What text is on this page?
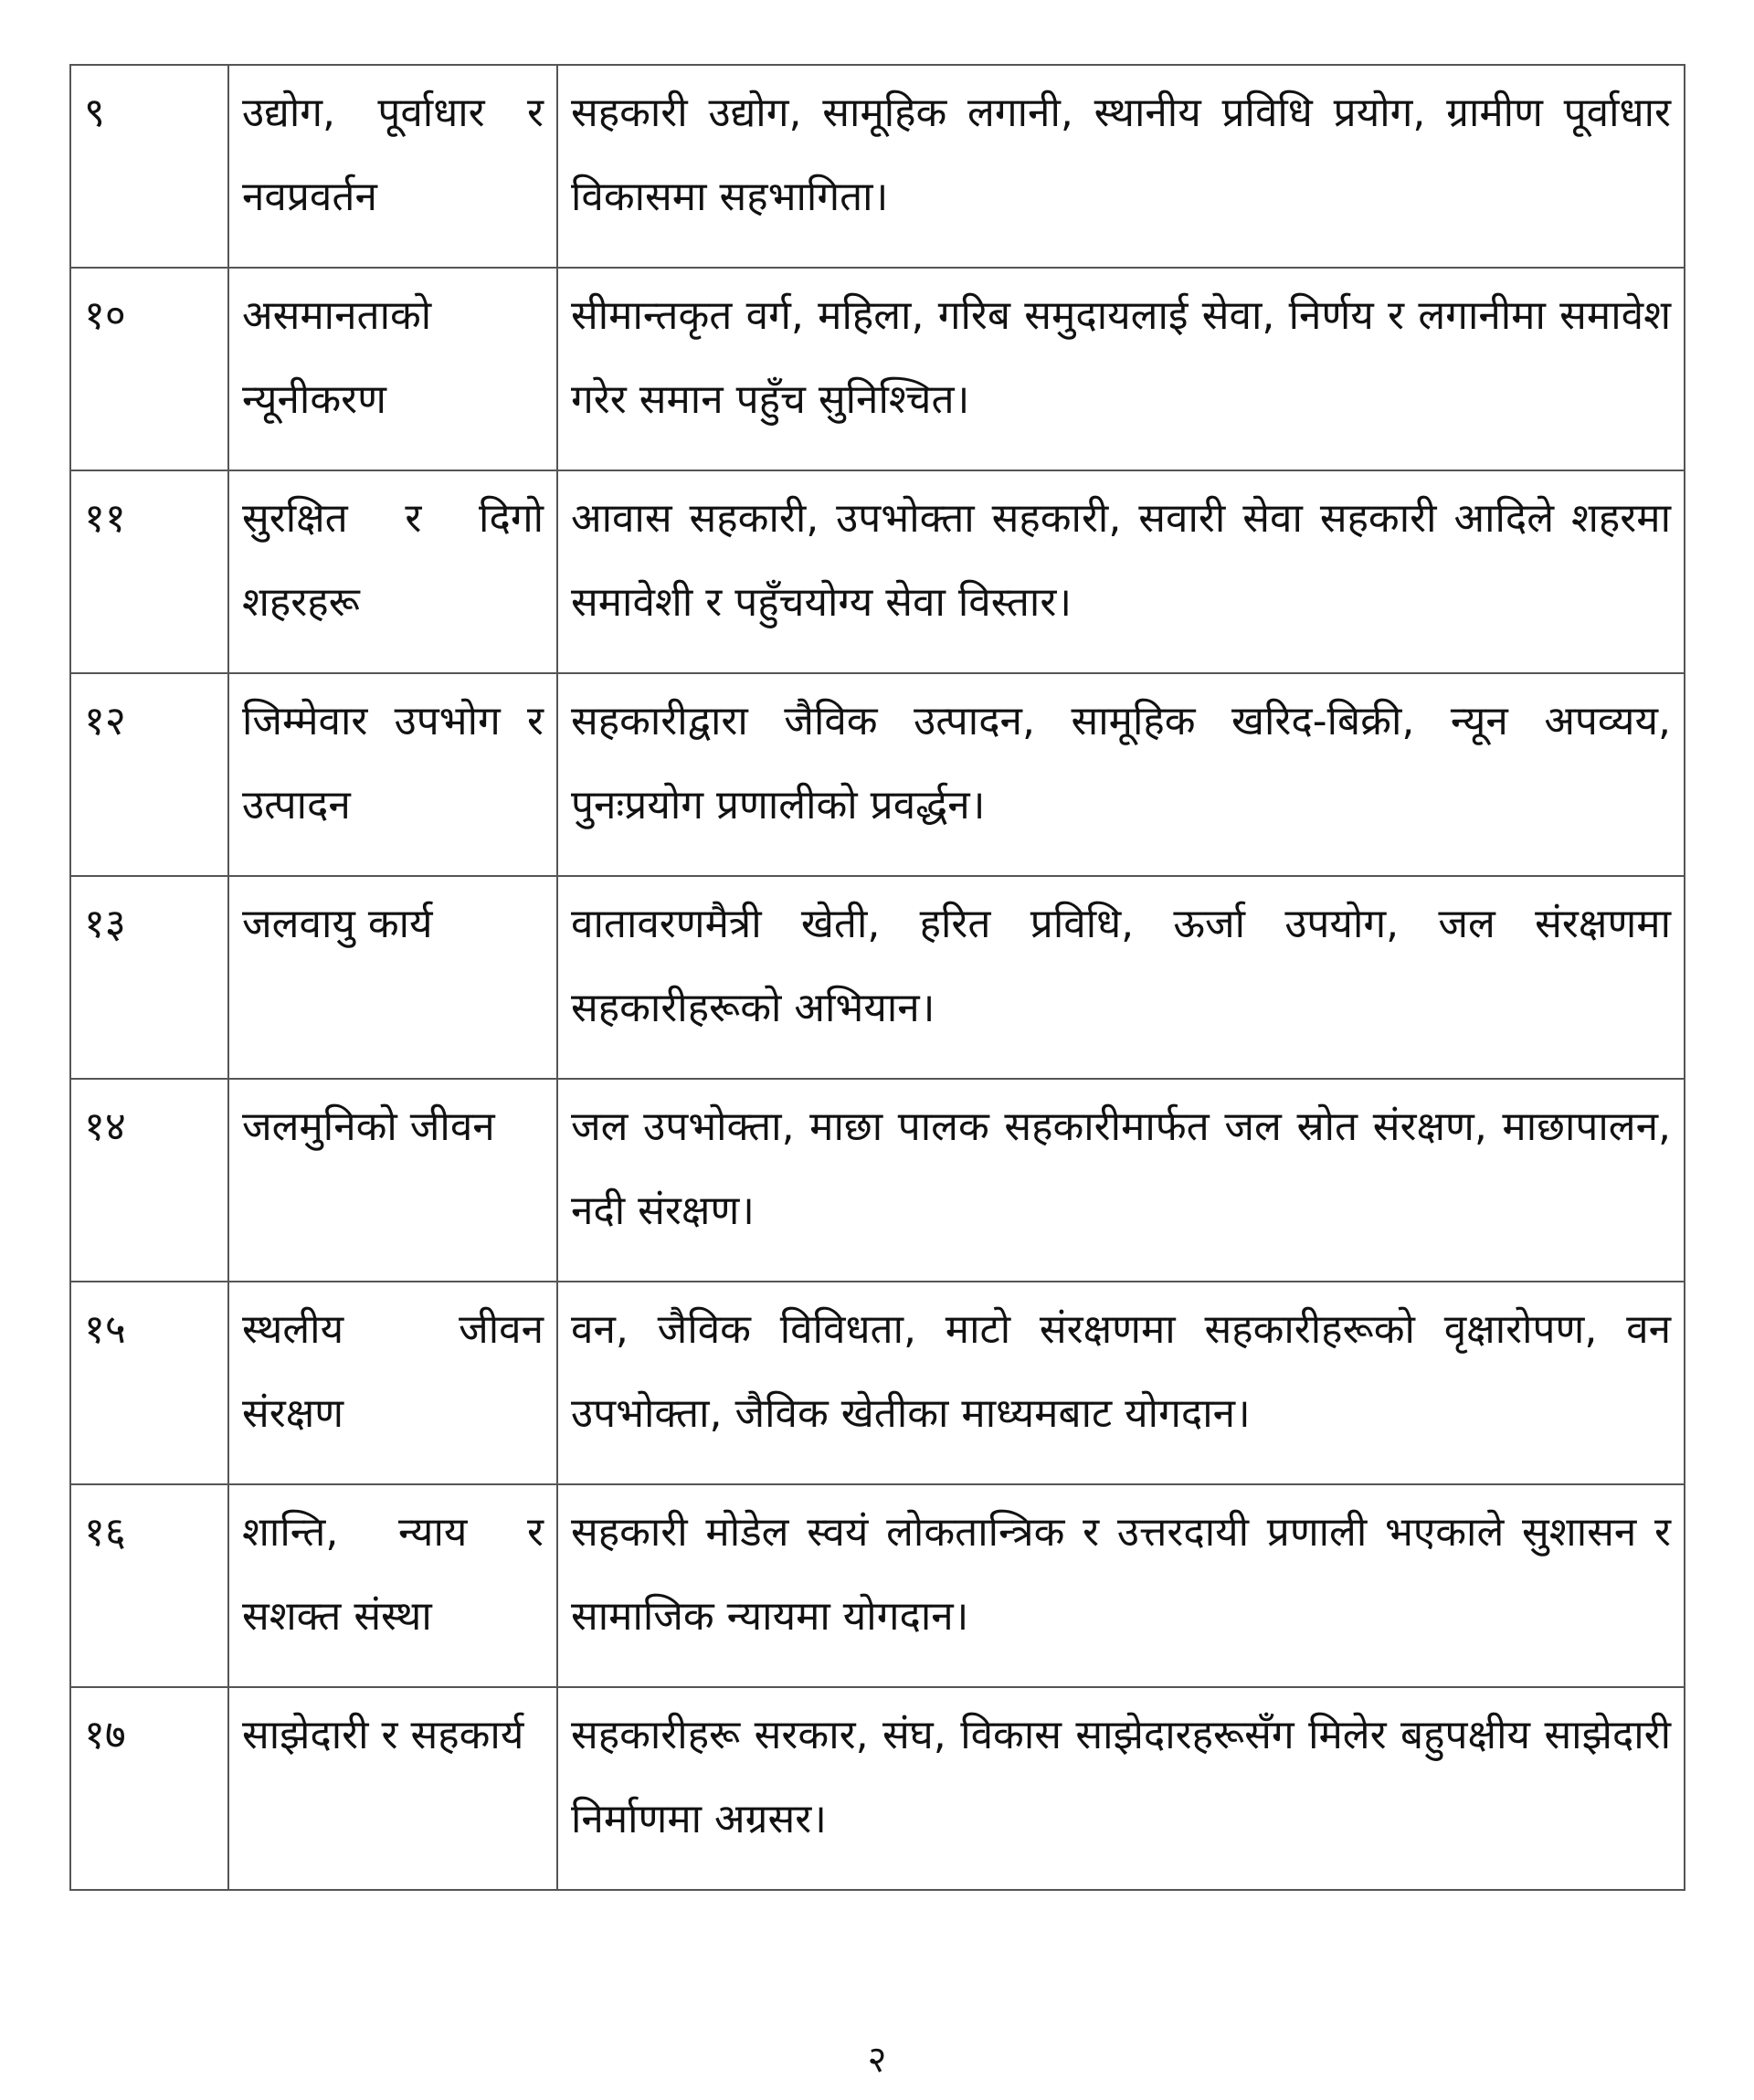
९	उद्योग, पूर्वाधार र नवप्रवर्तन	सहकारी उद्योग, सामूहिक लगानी, स्थानीय प्रविधि प्रयोग, ग्रामीण पूर्वाधार विकासमा सहभागिता।
१०	असमानताको न्यूनीकरण	सीमान्तकृत वर्ग, महिला, गरिब समुदायलाई सेवा, निर्णय र लगानीमा समावेश गरेर समान पहुँच सुनिश्चित।
११	सुरक्षित र दिगो शहरहरू	आवास सहकारी, उपभोक्ता सहकारी, सवारी सेवा सहकारी आदिले शहरमा समावेशी र पहुँचयोग्य सेवा विस्तार।
१२	जिम्मेवार उपभोग र उत्पादन	सहकारीद्वारा जैविक उत्पादन, सामूहिक खरिद-बिक्री, न्यून अपव्यय, पुनःप्रयोग प्रणालीको प्रवर्द्धन।
१३	जलवायु कार्य	वातावरणमैत्री खेती, हरित प्रविधि, ऊर्जा उपयोग, जल संरक्षणमा सहकारीहरूको अभियान।
१४	जलमुनिको जीवन	जल उपभोक्ता, माछा पालक सहकारीमार्फत जल स्रोत संरक्षण, माछापालन, नदी संरक्षण।
१५	स्थलीय जीवन संरक्षण	वन, जैविक विविधता, माटो संरक्षणमा सहकारीहरूको वृक्षारोपण, वन उपभोक्ता, जैविक खेतीका माध्यमबाट योगदान।
१६	शान्ति, न्याय र सशक्त संस्था	सहकारी मोडेल स्वयं लोकतान्त्रिक र उत्तरदायी प्रणाली भएकाले सुशासन र सामाजिक न्यायमा योगदान।
१७	साझेदारी र सहकार्य	सहकारीहरू सरकार, संघ, विकास साझेदारहरूसँग मिलेर बहुपक्षीय साझेदारी निर्माणमा अग्रसर।
२
